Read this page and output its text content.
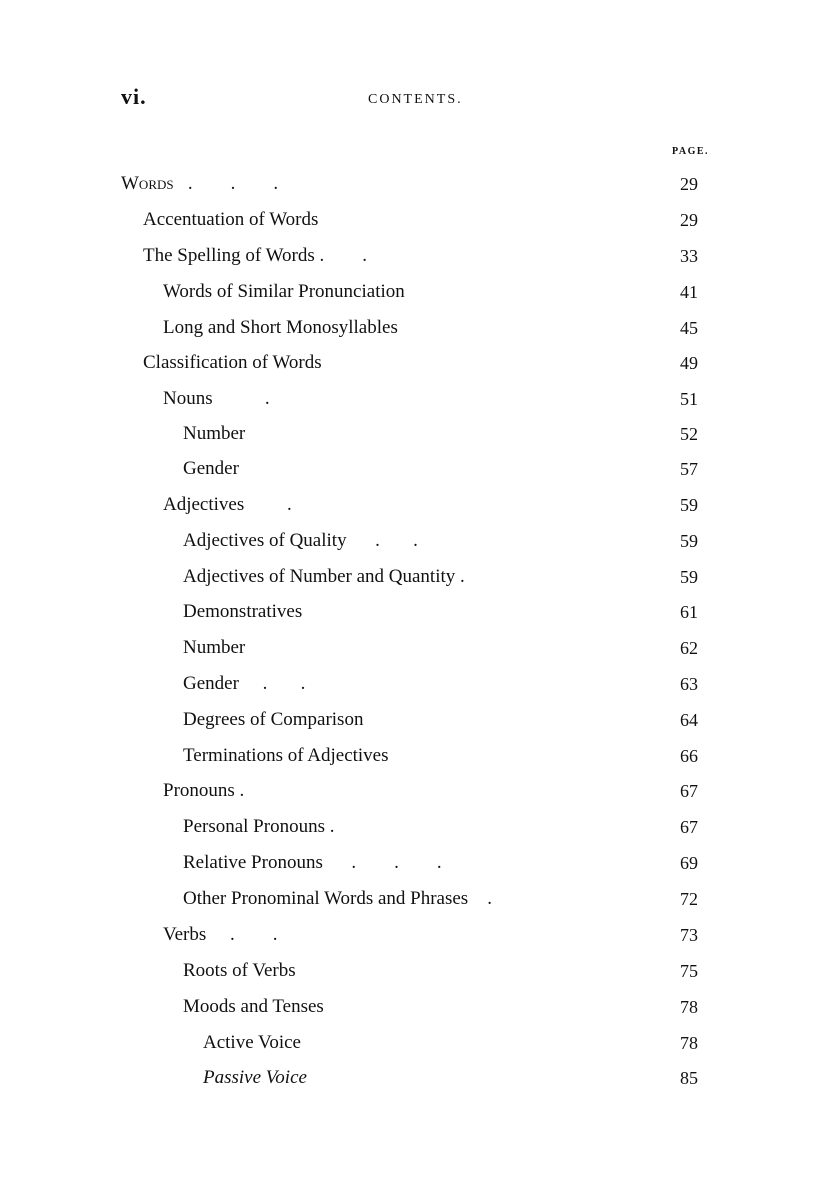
vi.	CONTENTS.
PAGE.
Words   .        .        .	29
Accentuation of Words	29
The Spelling of Words .        .	33
Words of Similar Pronunciation	41
Long and Short Monosyllables	45
Classification of Words	49
Nouns           .	51
Number	52
Gender	57
Adjectives         .	59
Adjectives of Quality      .       .	59
Adjectives of Number and Quantity .	59
Demonstratives	61
Number	62
Gender     .       .	63
Degrees of Comparison	64
Terminations of Adjectives	66
Pronouns .	67
Personal Pronouns .	67
Relative Pronouns      .        .        .	69
Other Pronominal Words and Phrases    .	72
Verbs     .        .	73
Roots of Verbs	75
Moods and Tenses	78
Active Voice	78
Passive Voice	85
